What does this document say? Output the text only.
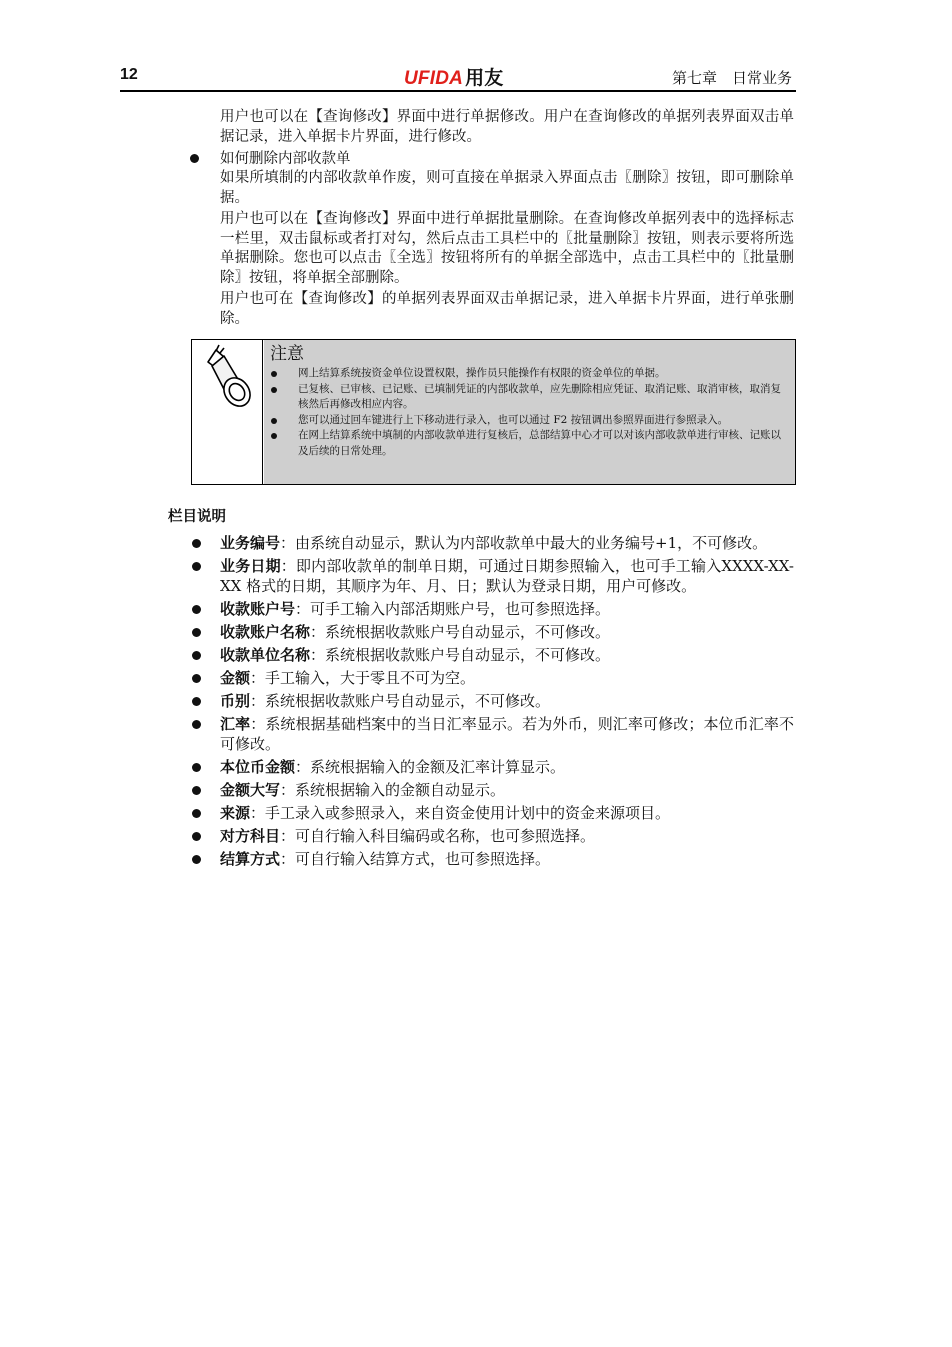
12	UFIDA 用友	第七章　日常业务

用户也可以在【查询修改】界面中进行单据修改。用户在查询修改的单据列表界面双击单据记录，进入单据卡片界面，进行修改。

如何删除内部收款单

如果所填制的内部收款单作废，则可直接在单据录入界面点击〖删除〗按钮，即可删除单据。

用户也可以在【查询修改】界面中进行单据批量删除。在查询修改单据列表中的选择标志一栏里，双击鼠标或者打对勾，然后点击工具栏中的〖批量删除〗按钮，则表示要将所选单据删除。您也可以点击〖全选〗按钮将所有的单据全部选中，点击工具栏中的〖批量删除〗按钮，将单据全部删除。

用户也可在【查询修改】的单据列表界面双击单据记录，进入单据卡片界面，进行单张删除。

注意
网上结算系统按资金单位设置权限，操作员只能操作有权限的资金单位的单据。
已复核、已审核、已记账、已填制凭证的内部收款单，应先删除相应凭证、取消记账、取消审核，取消复核然后再修改相应内容。
您可以通过回车键进行上下移动进行录入，也可以通过 F2 按钮调出参照界面进行参照录入。
在网上结算系统中填制的内部收款单进行复核后，总部结算中心才可以对该内部收款单进行审核、记账以及后续的日常处理。
栏目说明
业务编号：由系统自动显示，默认为内部收款单中最大的业务编号+1，不可修改。
业务日期：即内部收款单的制单日期，可通过日期参照输入，也可手工输入XXXX-XX-XX 格式的日期，其顺序为年、月、日；默认为登录日期，用户可修改。
收款账户号：可手工输入内部活期账户号，也可参照选择。
收款账户名称：系统根据收款账户号自动显示，不可修改。
收款单位名称：系统根据收款账户号自动显示，不可修改。
金额：手工输入，大于零且不可为空。
币别：系统根据收款账户号自动显示，不可修改。
汇率：系统根据基础档案中的当日汇率显示。若为外币，则汇率可修改；本位币汇率不可修改。
本位币金额：系统根据输入的金额及汇率计算显示。
金额大写：系统根据输入的金额自动显示。
来源：手工录入或参照录入，来自资金使用计划中的资金来源项目。
对方科目：可自行输入科目编码或名称，也可参照选择。
结算方式：可自行输入结算方式，也可参照选择。
